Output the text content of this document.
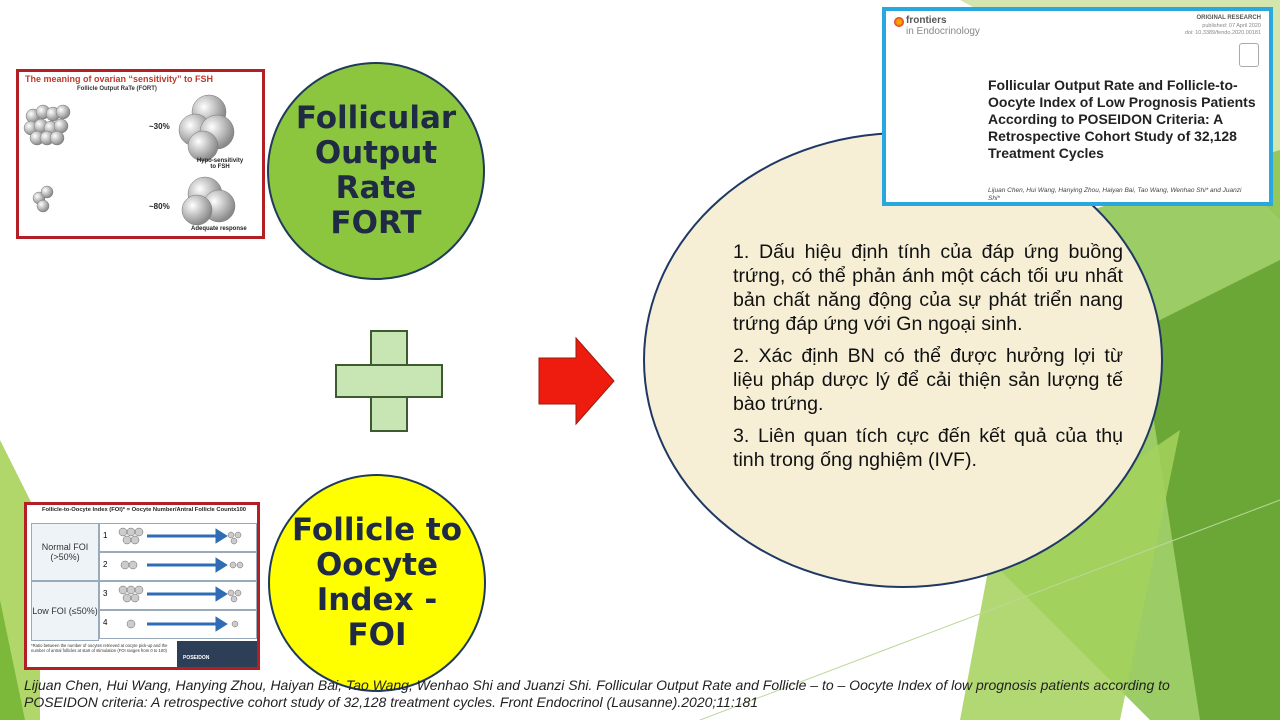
The meaning of ovarian “sensitivity” to FSH
Follicle Output RaTe (FORT)
~30%
~80%
Hypo-sensitivity to FSH
Adequate response
Follicular
Output
Rate
FORT

1. Dấu hiệu định tính của đáp ứng buồng trứng, có thể phản ánh một cách tối ưu nhất bản chất năng động của sự phát triển nang trứng đáp ứng với Gn ngoại sinh.

2. Xác định BN có thể được hưởng lợi từ liệu pháp dược lý để cải thiện sản lượng tế bào trứng.

3. Liên quan tích cực đến kết quả của thụ tinh trong ống nghiệm (IVF).

frontiers
in Endocrinology
ORIGINAL RESEARCH
published: 07 April 2020
doi: 10.3389/fendo.2020.00181
Follicular Output Rate and Follicle-to-Oocyte Index of Low Prognosis Patients According to POSEIDON Criteria: A Retrospective Cohort Study of 32,128 Treatment Cycles
Lijuan Chen, Hui Wang, Hanying Zhou, Haiyan Bai, Tao Wang, Wenhao Shi* and Juanzi Shi*
Follicle-to-Oocyte Index (FOI)* = Oocyte Number/Antral Follicle Countx100
Normal FOI (>50%)
Low FOI (≤50%)
1
2
3
4
*Ratio between the number of oocytes retrieved at oocyte pick-up and the number of antral follicles at start of stimulation (FOI ranges from 0 to 100)
POSEIDON
Follicle to
Oocyte
Index -
FOI
Lijuan Chen, Hui Wang, Hanying Zhou, Haiyan Bai, Tao Wang, Wenhao Shi and Juanzi Shi. Follicular Output Rate and Follicle – to – Oocyte Index of low prognosis patients according to POSEIDON criteria: A retrospective cohort study of 32,128 treatment cycles. Front Endocrinol (Lausanne).2020;11:181
